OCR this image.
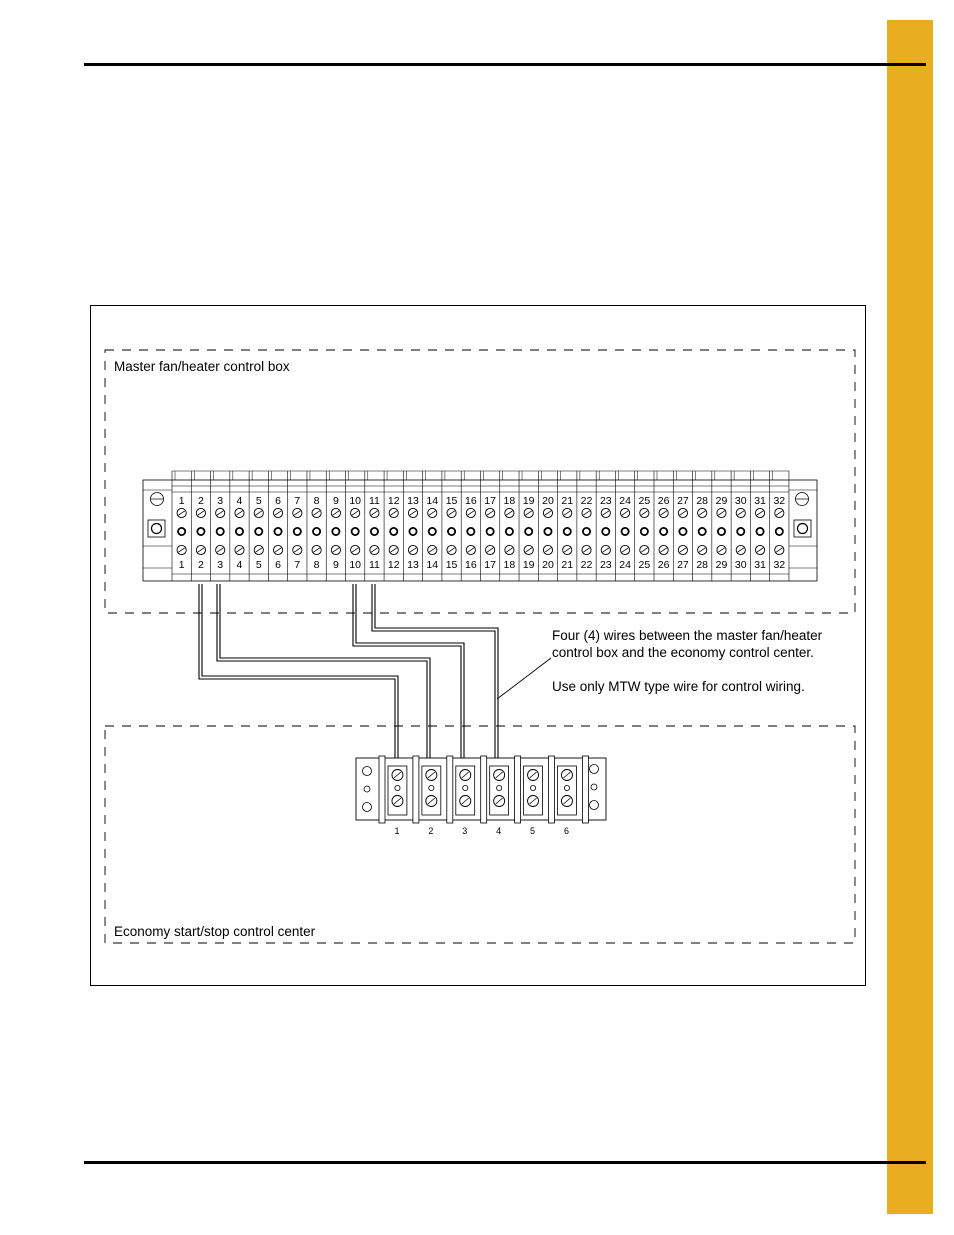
1
1
2
2
3
3
4
4
5
5
6
6
7
7
8
8
9
9
10
10
11
11
12
12
13
13
14
14
15
15
16
16
17
17
18
18
19
19
20
20
21
21
22
22
23
23
24
24
25
25
26
26
27
27
28
28
29
29
30
30
31
31
32
32
1	2	3	4	5	6
Master fan/heater control box
Economy start/stop control center
Four (4) wires between the master fan/heater control box and the economy control center.
Use only MTW type wire for control wiring.
